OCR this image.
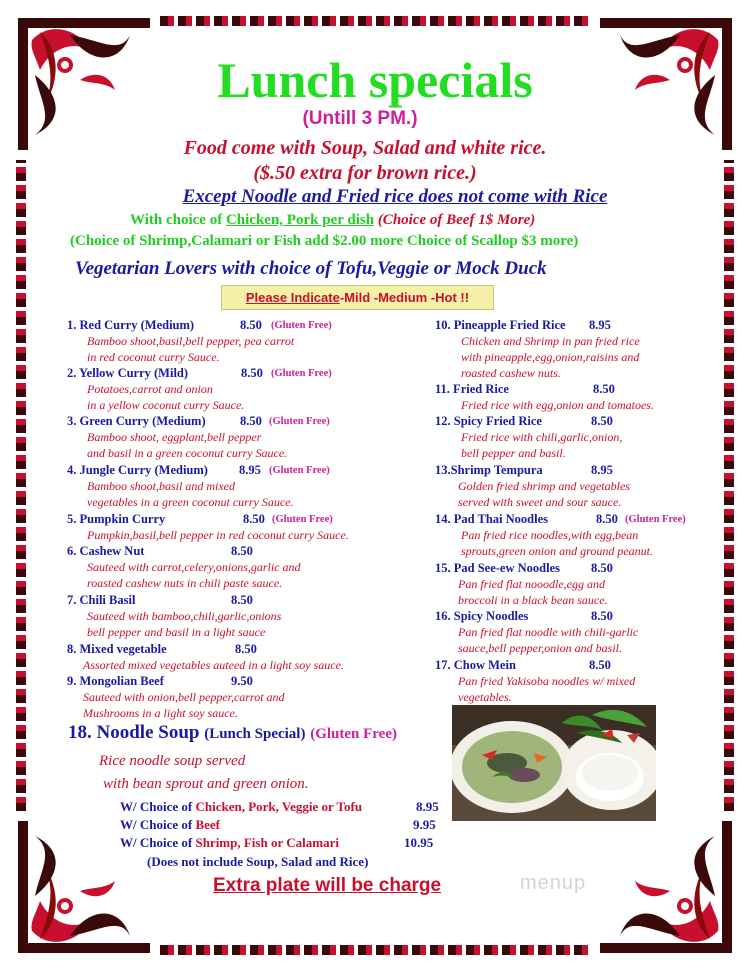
Lunch specials
(Untill 3 PM.)
Food come with Soup, Salad and white rice.
($.50 extra for brown rice.)
Except Noodle and Fried rice does not come with Rice
With choice of Chicken, Pork per dish (Choice of Beef 1$ More)
(Choice of Shrimp,Calamari or Fish add $2.00 more Choice of Scallop $3 more)
Vegetarian Lovers with choice of Tofu,Veggie or Mock Duck
Please Indicate-Mild -Medium -Hot !!
1. Red Curry (Medium)	8.50 (Gluten Free)
Bamboo shoot,basil,bell pepper, pea carrot
in red coconut curry Sauce.
2. Yellow Curry (Mild)	8.50 (Gluten Free)
Potatoes,carrot and onion
in a yellow coconut curry Sauce.
3. Green Curry (Medium)	8.50 (Gluten Free)
Bamboo shoot, eggplant,bell pepper
and basil in a green coconut curry Sauce.
4. Jungle Curry (Medium)	8.95 (Gluten Free)
Bamboo shoot,basil and mixed
vegetables in a green coconut curry Sauce.
5. Pumpkin Curry	8.50 (Gluten Free)
Pumpkin,basil,bell pepper in red coconut curry Sauce.
6. Cashew Nut	8.50
Sauteed with carrot,celery,onions,garlic and
roasted cashew nuts in chili paste sauce.
7. Chili Basil	8.50
Sauteed with bamboo,chili,garlic,onions
bell pepper and basil in a light sauce
8. Mixed vegetable	8.50
Assorted mixed vegetables auteed in a light soy sauce.
9. Mongolian Beef	9.50
Sauteed with onion,bell pepper,carrot and
Mushrooms in a light soy sauce.
10. Pineapple Fried Rice	8.95
Chicken and Shrimp in pan fried rice
with pineapple,egg,onion,raisins and
roasted cashew nuts.
11. Fried Rice	8.50
Fried rice with egg,onion and tomatoes.
12. Spicy Fried Rice	8.50
Fried rice with chili,garlic,onion,
bell pepper and basil.
13.Shrimp Tempura	8.95
Golden fried shrimp and vegetables
served with sweet and sour sauce.
14. Pad Thai Noodles	8.50 (Gluten Free)
Pan fried rice noodles,with egg,bean
sprouts,green onion and ground peanut.
15. Pad See-ew Noodles	8.50
Pan fried flat nooodle,egg and
broccoli in a black bean sauce.
16. Spicy Noodles	8.50
Pan fried flat noodle with chili-garlic
sauce,bell pepper,onion and basil.
17. Chow Mein	8.50
Pan fried Yakisoba noodles w/ mixed
vegetables.
18. Noodle Soup (Lunch Special) (Gluten Free)
Rice noodle soup served
with bean sprout and green onion.
W/ Choice of Chicken, Pork, Veggie or Tofu	8.95
W/ Choice of Beef	9.95
W/ Choice of Shrimp, Fish or Calamari	10.95
(Does not include Soup, Salad and Rice)
Extra plate will be charge	menup
